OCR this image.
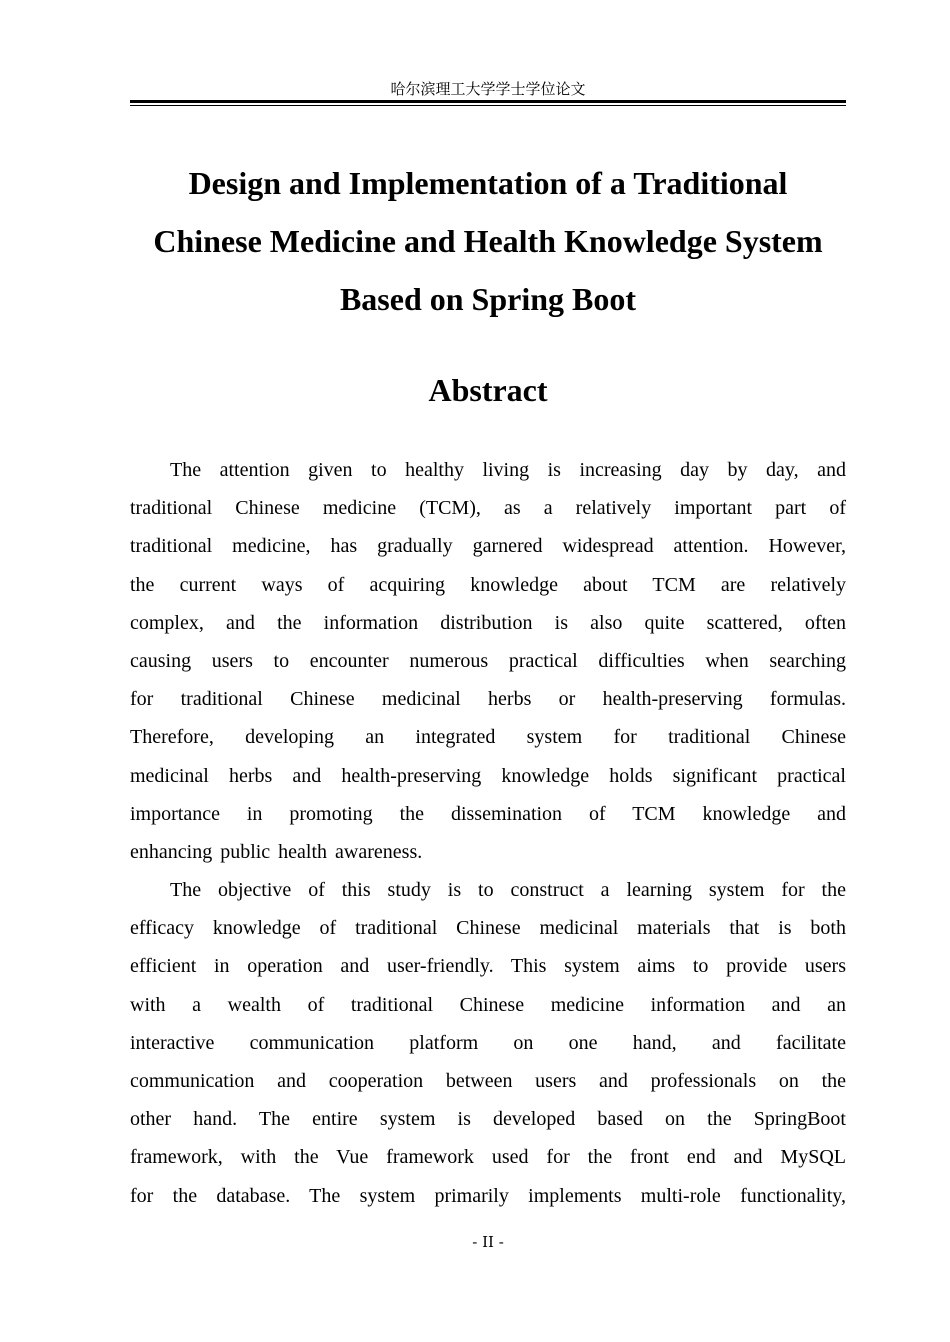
哈尔滨理工大学学士学位论文
Design and Implementation of a Traditional
Chinese Medicine and Health Knowledge System
Based on Spring Boot
Abstract

The attention given to healthy living is increasing day by day, and
traditional Chinese medicine (TCM), as a relatively important part of
traditional medicine, has gradually garnered widespread attention. However,
the current ways of acquiring knowledge about TCM are relatively
complex, and the information distribution is also quite scattered, often
causing users to encounter numerous practical difficulties when searching
for traditional Chinese medicinal herbs or health-preserving formulas.
Therefore, developing an integrated system for traditional Chinese
medicinal herbs and health-preserving knowledge holds significant practical
importance in promoting the dissemination of TCM knowledge and
enhancing public health awareness.

The objective of this study is to construct a learning system for the
efficacy knowledge of traditional Chinese medicinal materials that is both
efficient in operation and user-friendly. This system aims to provide users
with a wealth of traditional Chinese medicine information and an
interactive communication platform on one hand, and facilitate
communication and cooperation between users and professionals on the
other hand. The entire system is developed based on the SpringBoot
framework, with the Vue framework used for the front end and MySQL
for the database. The system primarily implements multi-role functionality,

- II -
